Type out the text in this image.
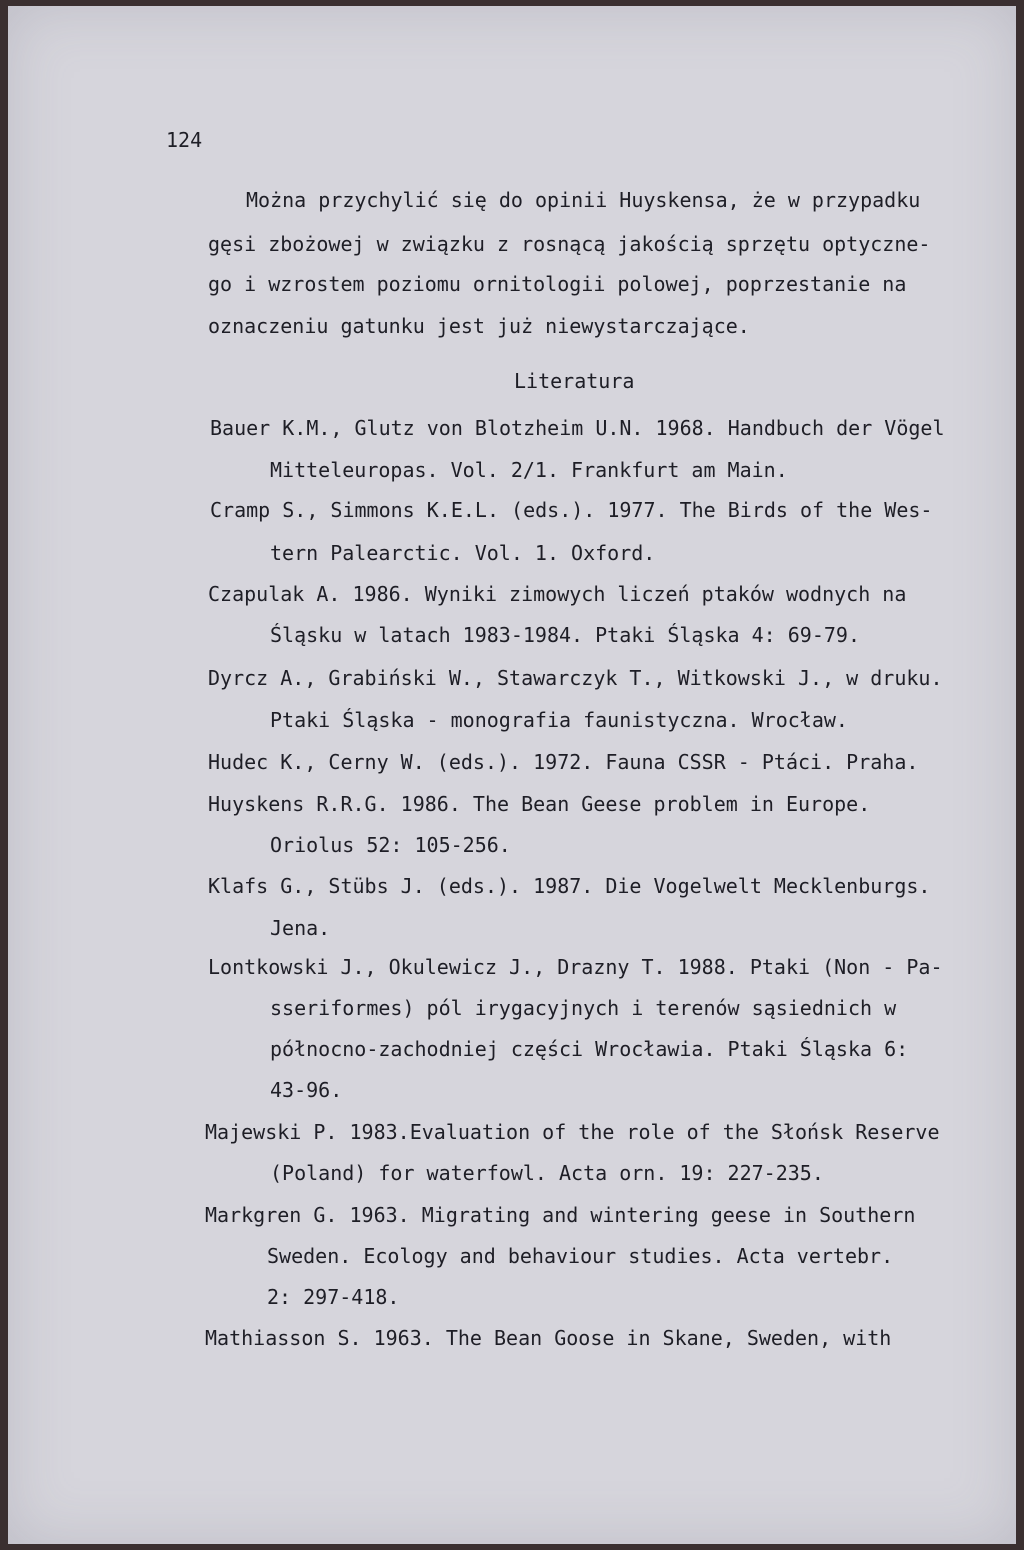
124
Można przychylić się do opinii Huyskensa, że w przypadku
gęsi zbożowej w związku z rosnącą jakością sprzętu optyczne-
go i wzrostem poziomu ornitologii polowej, poprzestanie na
oznaczeniu gatunku jest już niewystarczające.
Literatura
Bauer K.M., Glutz von Blotzheim U.N. 1968. Handbuch der Vögel
Mitteleuropas. Vol. 2/1. Frankfurt am Main.
Cramp S., Simmons K.E.L. (eds.). 1977. The Birds of the Wes-
tern Palearctic. Vol. 1. Oxford.
Czapulak A. 1986. Wyniki zimowych liczeń ptaków wodnych na
Śląsku w latach 1983-1984. Ptaki Śląska 4: 69-79.
Dyrcz A., Grabiński W., Stawarczyk T., Witkowski J., w druku.
Ptaki Śląska - monografia faunistyczna. Wrocław.
Hudec K., Cerny W. (eds.). 1972. Fauna CSSR - Ptáci. Praha.
Huyskens R.R.G. 1986. The Bean Geese problem in Europe.
Oriolus 52: 105-256.
Klafs G., Stübs J. (eds.). 1987. Die Vogelwelt Mecklenburgs.
Jena.
Lontkowski J., Okulewicz J., Drazny T. 1988. Ptaki (Non - Pa-
sseriformes) pól irygacyjnych i terenów sąsiednich w
północno-zachodniej części Wrocławia. Ptaki Śląska 6:
43-96.
Majewski P. 1983.Evaluation of the role of the Słońsk Reserve
(Poland) for waterfowl. Acta orn. 19: 227-235.
Markgren G. 1963. Migrating and wintering geese in Southern
Sweden. Ecology and behaviour studies. Acta vertebr.
2: 297-418.
Mathiasson S. 1963. The Bean Goose in Skane, Sweden, with
